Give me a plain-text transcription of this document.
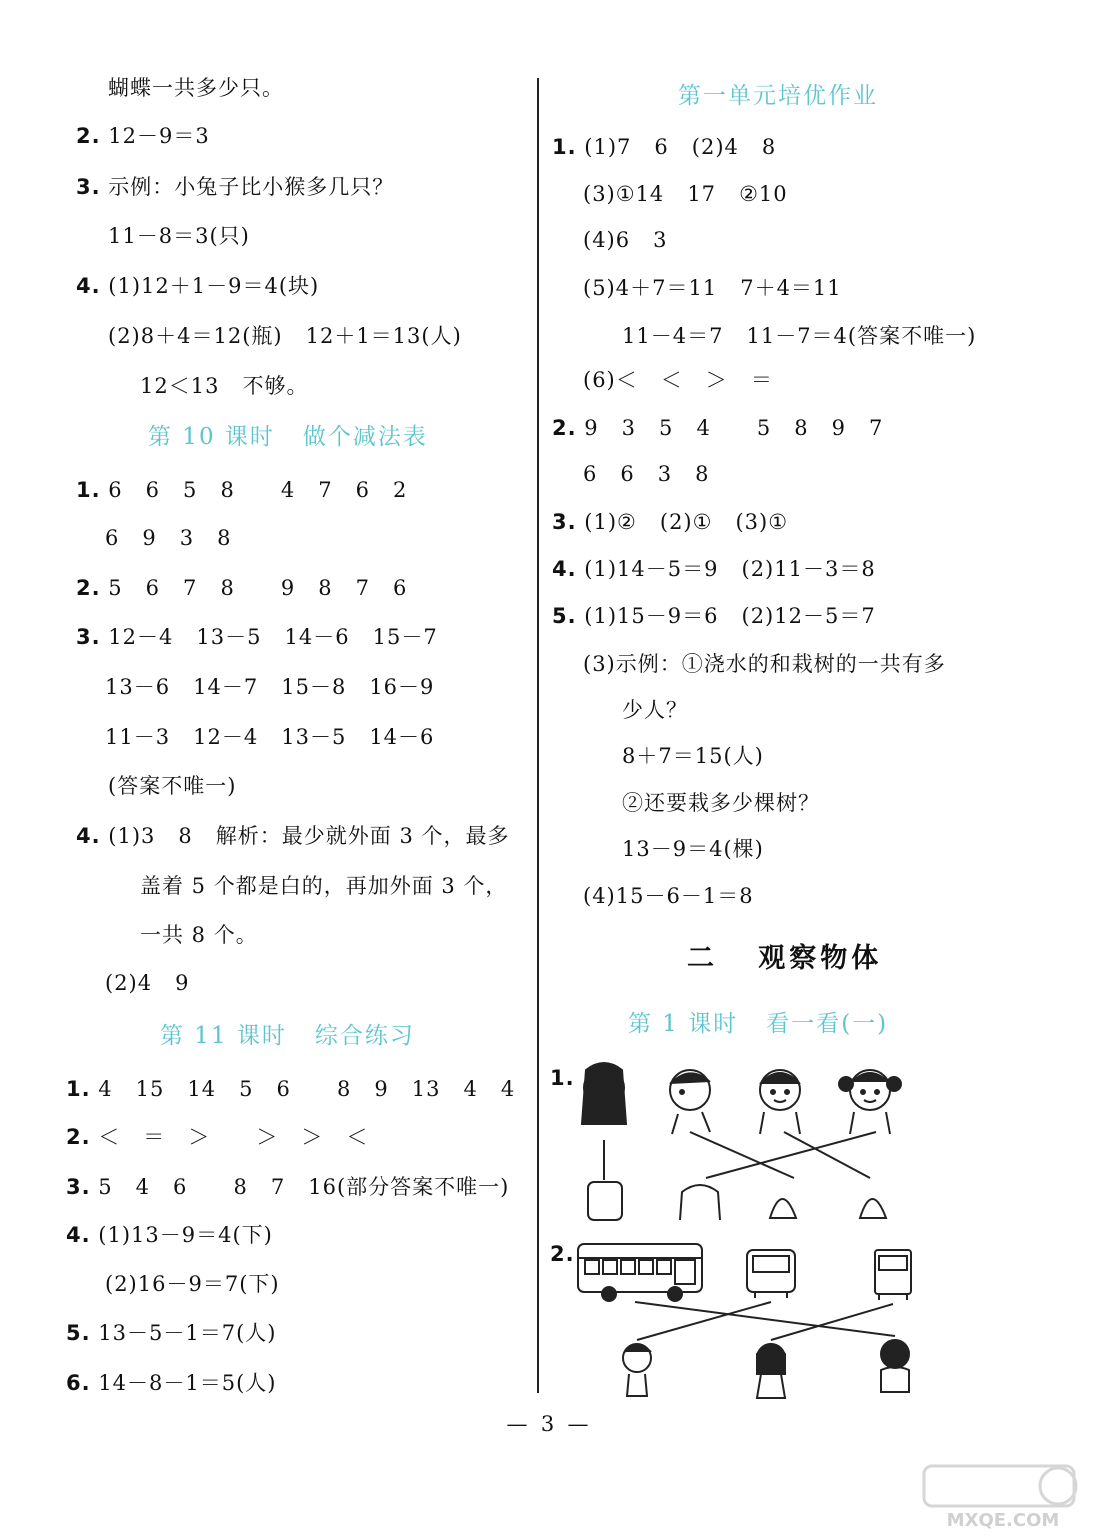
蝴蝶一共多少只。
2. 12－9＝3
3. 示例：小兔子比小猴多几只？
11－8＝3(只)
4. (1)12＋1－9＝4(块)
(2)8＋4＝12(瓶)   12＋1＝13(人)
12＜13   不够。
第 10 课时   做个减法表
1. 6   6   5   8      4   7   6   2
6   9   3   8
2. 5   6   7   8      9   8   7   6
3. 12－4   13－5   14－6   15－7
13－6   14－7   15－8   16－9
11－3   12－4   13－5   14－6
(答案不唯一)
4. (1)3   8   解析：最少就外面 3 个，最多
盖着 5 个都是白的，再加外面 3 个，
一共 8 个。
(2)4   9
第 11 课时   综合练习
1. 4   15   14   5   6      8   9   13   4   4
2. ＜   ＝   ＞      ＞   ＞   ＜
3. 5   4   6      8   7   16(部分答案不唯一)
4. (1)13－9＝4(下)
(2)16－9＝7(下)
5. 13－5－1＝7(人)
6. 14－8－1＝5(人)
第一单元培优作业
1. (1)7   6   (2)4   8
(3)①14   17   ②10
(4)6   3
(5)4＋7＝11   7＋4＝11
11－4＝7   11－7＝4(答案不唯一)
(6)＜   ＜   ＞   ＝
2. 9   3   5   4      5   8   9   7
6   6   3   8
3. (1)②   (2)①   (3)①
4. (1)14－5＝9   (2)11－3＝8
5. (1)15－9＝6   (2)12－5＝7
(3)示例：①浇水的和栽树的一共有多
少人？
8＋7＝15(人)
②还要栽多少棵树？
13－9＝4(棵)
(4)15－6－1＝8
二   观察物体
第 1 课时   看一看(一)
1.
2.
—  3  —
MXQE.COM
